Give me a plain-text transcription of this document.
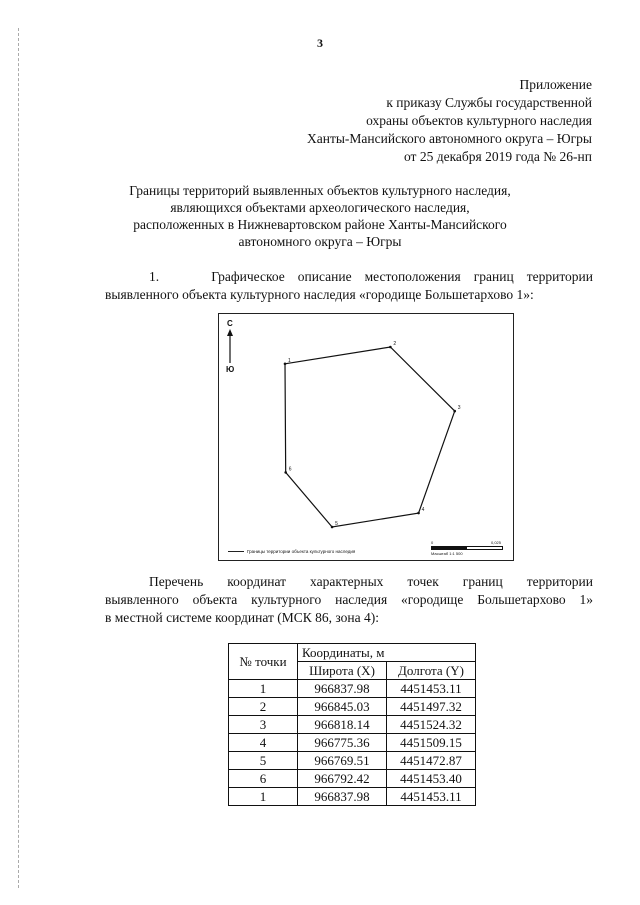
3
Приложение
к приказу Службы государственной
охраны объектов культурного наследия
Ханты-Мансийского автономного округа – Югры
от 25 декабря 2019 года № 26-нп
Границы территорий выявленных объектов культурного наследия,
являющихся объектами археологического наследия,
расположенных в Нижневартовском районе Ханты-Мансийского
автономного округа – Югры
1.    Графическое описание местоположения границ территории
выявленного объекта культурного наследия «городище Большетархово 1»:
1
2
3
4
5
6
С
Ю
Границы территории объекта культурного наследия
0	0,025
Масштаб 1:1 500
Перечень координат характерных точек границ территории
выявленного объекта культурного наследия «городище Большетархово 1»
в местной системе координат (МСК 86, зона 4):
№ точки	Координаты, м	
	Широта (X)	Долгота (Y)
1	966837.98	4451453.11
2	966845.03	4451497.32
3	966818.14	4451524.32
4	966775.36	4451509.15
5	966769.51	4451472.87
6	966792.42	4451453.40
1	966837.98	4451453.11
